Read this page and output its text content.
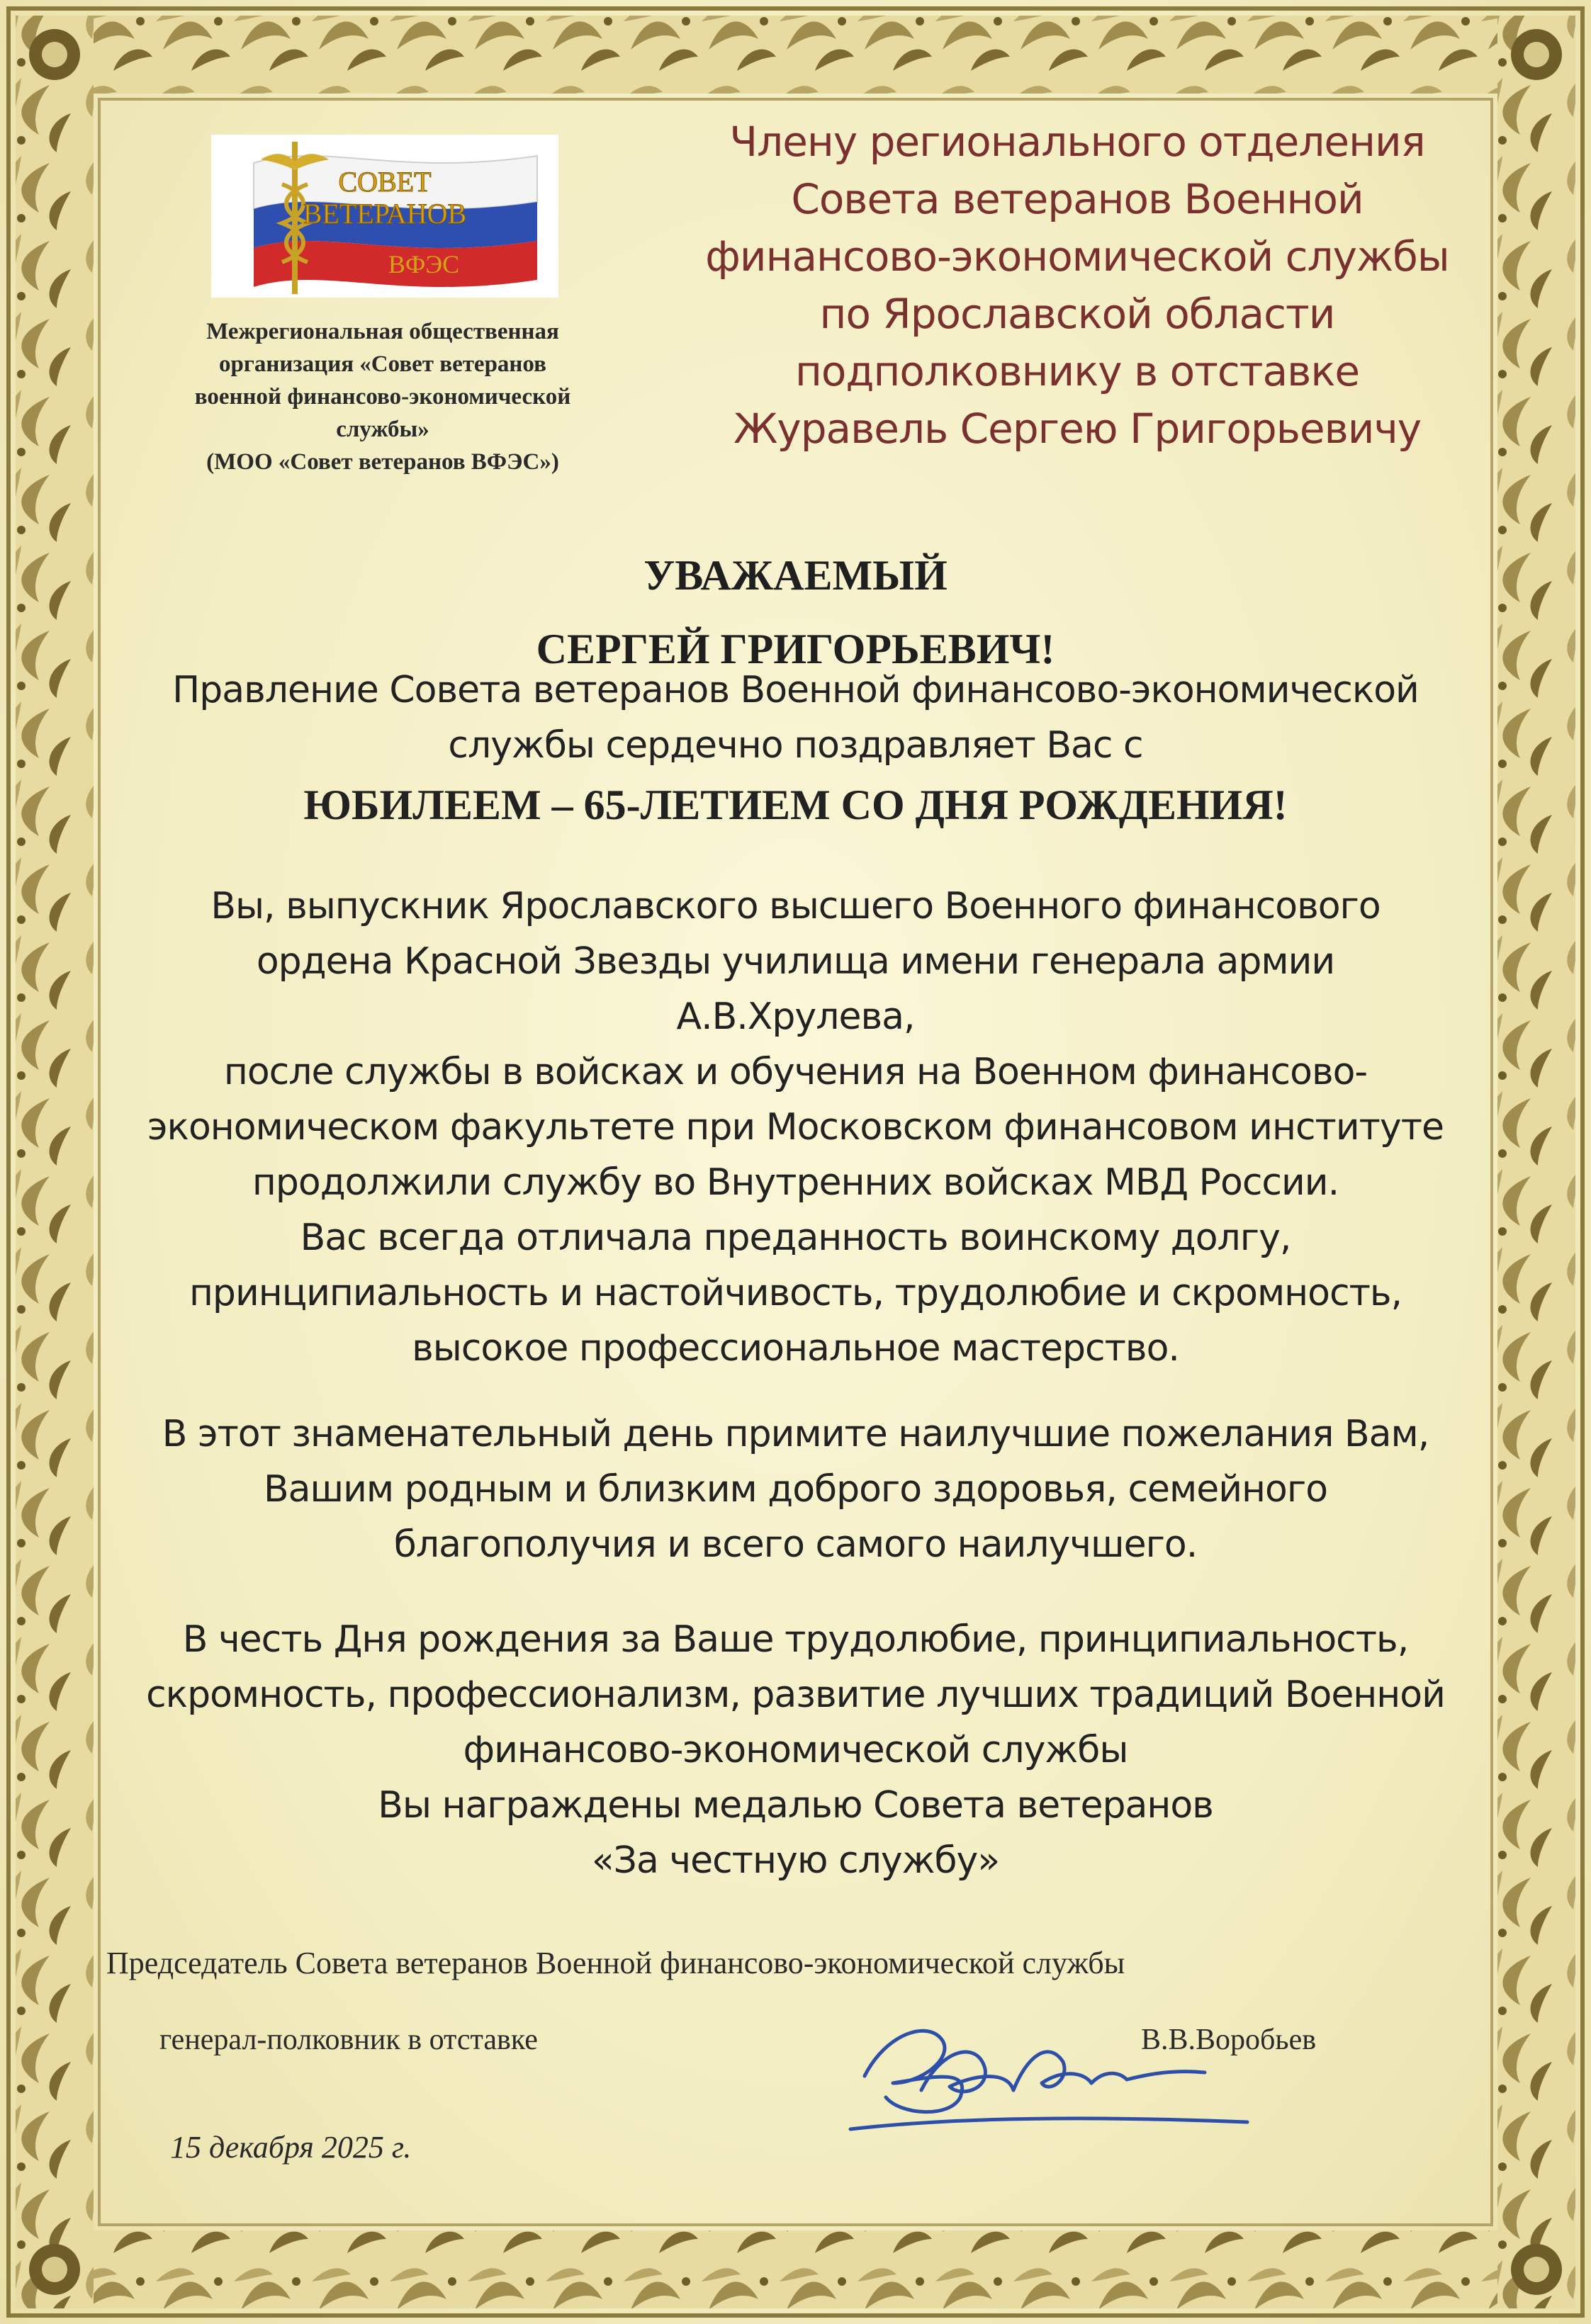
СОВЕТ
ВЕТЕРАНОВ
ВФЭС
Межрегиональная общественная
организация «Совет ветеранов
военной финансово-экономической
службы»
(МОО «Совет ветеранов ВФЭС»)
Члену регионального отделения
Совета ветеранов Военной
финансово-экономической службы
по Ярославской области
подполковнику в отставке
Журавель Сергею Григорьевичу
УВАЖАЕМЫЙ
СЕРГЕЙ ГРИГОРЬЕВИЧ!
Правление Совета ветеранов Военной финансово-экономической
службы сердечно поздравляет Вас с
ЮБИЛЕЕМ – 65-ЛЕТИЕМ СО ДНЯ РОЖДЕНИЯ!
Вы, выпускник Ярославского высшего Военного финансового
ордена Красной Звезды училища имени генерала армии
А.В.Хрулева,
после службы в войсках и обучения на Военном финансово-
экономическом факультете при Московском финансовом институте
продолжили службу во Внутренних войсках МВД России.
Вас всегда отличала преданность воинскому долгу,
принципиальность и настойчивость, трудолюбие и скромность,
высокое профессиональное мастерство.
В этот знаменательный день примите наилучшие пожелания Вам,
Вашим родным и близким доброго здоровья, семейного
благополучия и всего самого наилучшего.
В честь Дня рождения за Ваше трудолюбие, принципиальность,
скромность, профессионализм, развитие лучших традиций Военной
финансово-экономической службы
Вы награждены медалью Совета ветеранов
«За честную службу»
Председатель Совета ветеранов Военной финансово-экономической службы
генерал-полковник в отставке	В.В.Воробьев
15 декабря 2025 г.
